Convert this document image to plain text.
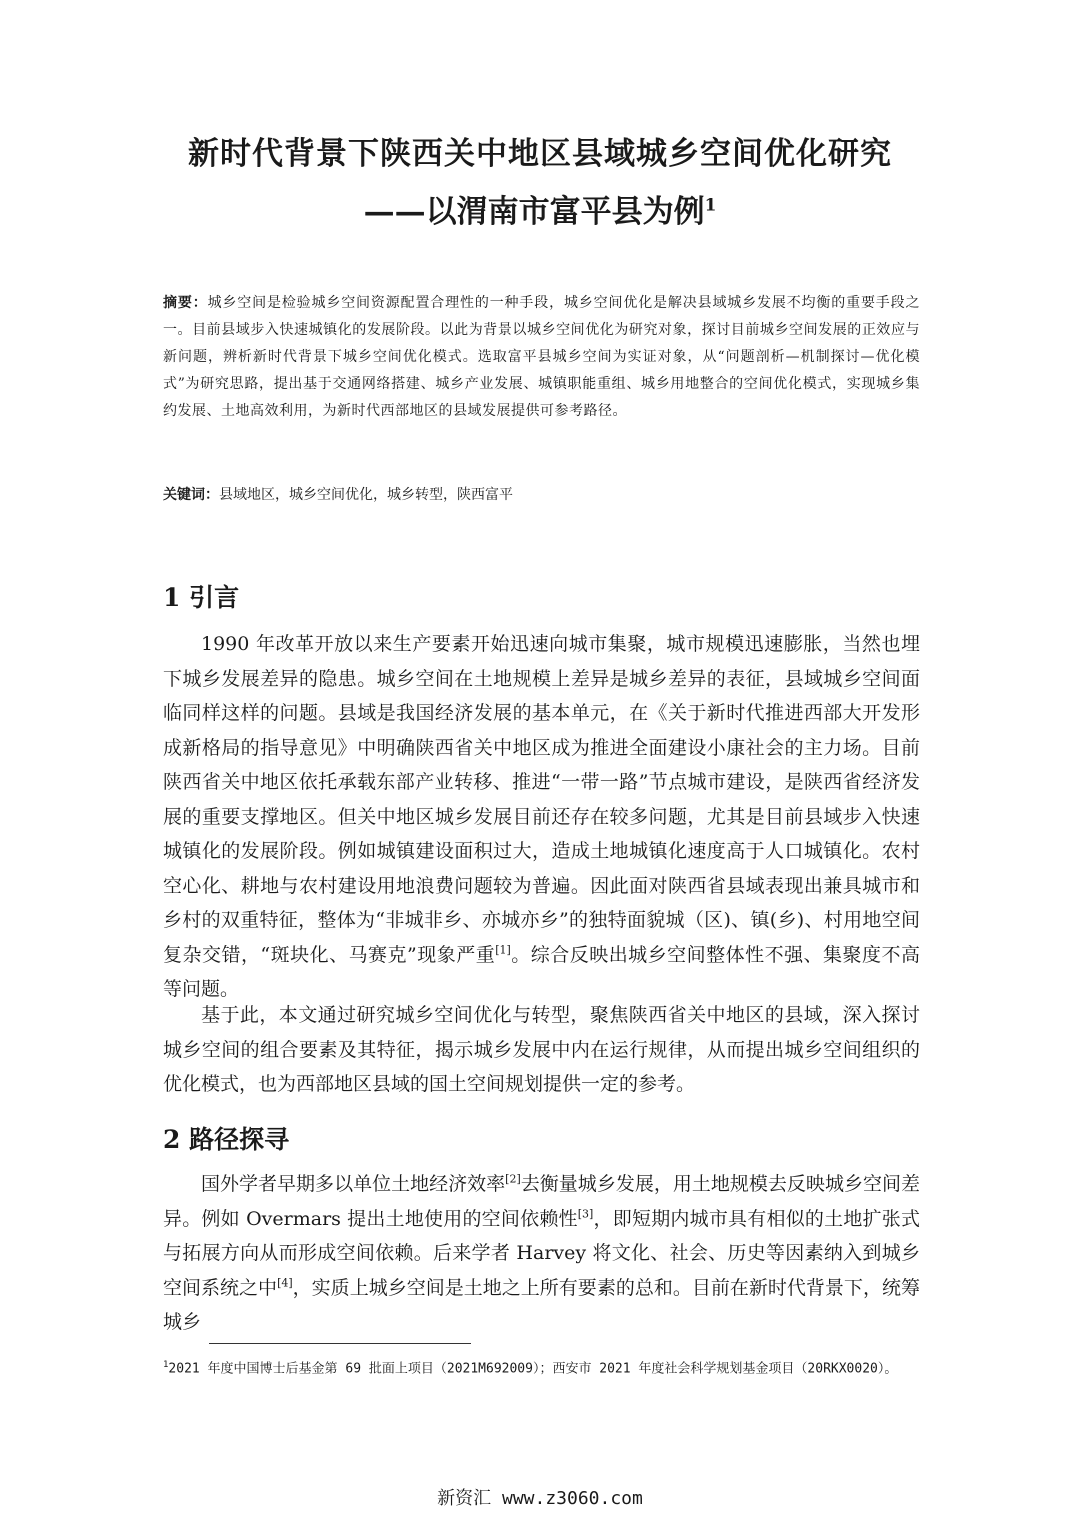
新时代背景下陕西关中地区县域城乡空间优化研究
——以渭南市富平县为例$^1$
摘要：城乡空间是检验城乡空间资源配置合理性的一种手段，城乡空间优化是解决县域城乡发展不均衡的重要手段之一。目前县域步入快速城镇化的发展阶段。以此为背景以城乡空间优化为研究对象，探讨目前城乡空间发展的正效应与新问题，辨析新时代背景下城乡空间优化模式。选取富平县城乡空间为实证对象，从“问题剖析—机制探讨—优化模式”为研究思路，提出基于交通网络搭建、城乡产业发展、城镇职能重组、城乡用地整合的空间优化模式，实现城乡集约发展、土地高效利用，为新时代西部地区的县域发展提供可参考路径。
关键词：县域地区，城乡空间优化，城乡转型，陕西富平
1 引言
1990 年改革开放以来生产要素开始迅速向城市集聚，城市规模迅速膨胀，当然也埋下城乡发展差异的隐患。城乡空间在土地规模上差异是城乡差异的表征，县域城乡空间面临同样这样的问题。县域是我国经济发展的基本单元，在《关于新时代推进西部大开发形成新格局的指导意见》中明确陕西省关中地区成为推进全面建设小康社会的主力场。目前陕西省关中地区依托承载东部产业转移、推进“一带一路”节点城市建设，是陕西省经济发展的重要支撑地区。但关中地区城乡发展目前还存在较多问题，尤其是目前县域步入快速城镇化的发展阶段。例如城镇建设面积过大，造成土地城镇化速度高于人口城镇化。农村空心化、耕地与农村建设用地浪费问题较为普遍。因此面对陕西省县域表现出兼具城市和乡村的双重特征，整体为“非城非乡、亦城亦乡”的独特面貌城（区)、镇(乡)、村用地空间复杂交错，“斑块化、马赛克”现象严重[1]。综合反映出城乡空间整体性不强、集聚度不高等问题。
基于此，本文通过研究城乡空间优化与转型，聚焦陕西省关中地区的县域，深入探讨城乡空间的组合要素及其特征，揭示城乡发展中内在运行规律，从而提出城乡空间组织的优化模式，也为西部地区县域的国土空间规划提供一定的参考。
2 路径探寻
国外学者早期多以单位土地经济效率[2]去衡量城乡发展，用土地规模去反映城乡空间差异。例如 Overmars 提出土地使用的空间依赖性[3]，即短期内城市具有相似的土地扩张式与拓展方向从而形成空间依赖。后来学者 Harvey 将文化、社会、历史等因素纳入到城乡空间系统之中[4]，实质上城乡空间是土地之上所有要素的总和。目前在新时代背景下，统筹城乡
$^1$2021 年度中国博士后基金第 69 批面上项目（2021M692009）；西安市 2021 年度社会科学规划基金项目（20RKX0020）。
新资汇 www.z3060.com
